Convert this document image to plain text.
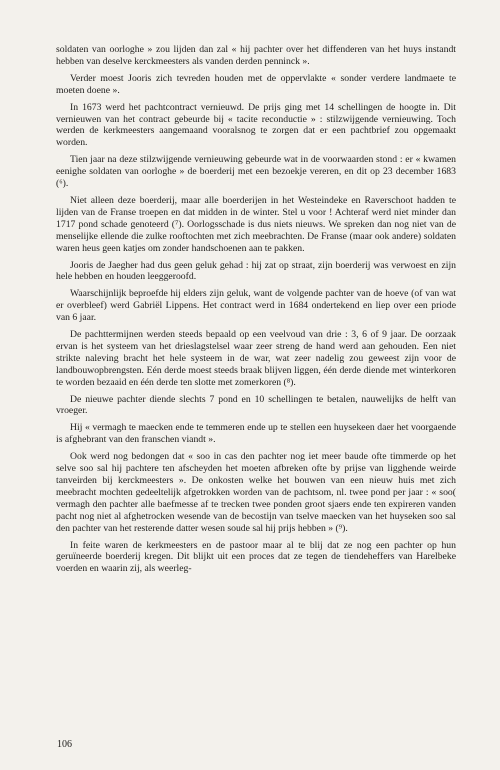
soldaten van oorloghe » zou lijden dan zal « hij pachter over het diffenderen van het huys instandt hebben van deselve kerckmeesters als vanden derden penninck ».

Verder moest Jooris zich tevreden houden met de oppervlakte « sonder verdere landmaete te moeten doene ».

In 1673 werd het pachtcontract vernieuwd. De prijs ging met 14 schellingen de hoogte in. Dit vernieuwen van het contract gebeurde bij « tacite reconductie » : stilzwijgende vernieuwing. Toch werden de kerkmeesters aangemaand vooralsnog te zorgen dat er een pachtbrief zou opgemaakt worden.

Tien jaar na deze stilzwijgende vernieuwing gebeurde wat in de voorwaarden stond : er « kwamen eenighe soldaten van oorloghe » de boerderij met een bezoekje vereren, en dit op 23 december 1683 (⁶).

Niet alleen deze boerderij, maar alle boerderijen in het Westeindeke en Raverschoot hadden te lijden van de Franse troepen en dat midden in de winter. Stel u voor ! Achteraf werd niet minder dan 1717 pond schade genoteerd (⁷). Oorlogsschade is dus niets nieuws. We spreken dan nog niet van de menselijke ellende die zulke rooftochten met zich meebrachten. De Franse (maar ook andere) soldaten waren heus geen katjes om zonder handschoenen aan te pakken.

Jooris de Jaegher had dus geen geluk gehad : hij zat op straat, zijn boerderij was verwoest en zijn hele hebben en houden leeggeroofd.

Waarschijnlijk beproefde hij elders zijn geluk, want de volgende pachter van de hoeve (of van wat er overbleef) werd Gabriël Lippens. Het contract werd in 1684 ondertekend en liep over een priode van 6 jaar.

De pachttermijnen werden steeds bepaald op een veelvoud van drie : 3, 6 of 9 jaar. De oorzaak ervan is het systeem van het drieslagstelsel waar zeer streng de hand werd aan gehouden. Een niet strikte naleving bracht het hele systeem in de war, wat zeer nadelig zou geweest zijn voor de landbouwopbrengsten. Eén derde moest steeds braak blijven liggen, één derde diende met winterkoren te worden bezaaid en één derde ten slotte met zomerkoren (⁸).

De nieuwe pachter diende slechts 7 pond en 10 schellingen te betalen, nauwelijks de helft van vroeger.

Hij « vermagh te maecken ende te temmeren ende up te stellen een huysekeen daer het voorgaende is afghebrant van den franschen viandt ».

Ook werd nog bedongen dat « soo in cas den pachter nog iet meer baude ofte timmerde op het selve soo sal hij pachtere ten afscheyden het moeten afbreken ofte by prijse van ligghende weirde tanveirden bij kerckmeesters ». De onkosten welke het bouwen van een nieuw huis met zich meebracht mochten gedeeltelijk afgetrokken worden van de pachtsom, nl. twee pond per jaar : « soo( vermagh den pachter alle baefmesse af te trecken twee ponden groot sjaers ende ten expireren vanden pacht nog niet al afghetrocken wesende van de becostijn van tselve maecken van het huyseken soo sal den pachter van het resterende datter wesen soude sal hij prijs hebben » (⁹).

In feite waren de kerkmeesters en de pastoor maar al te blij dat ze nog een pachter op hun geruïneerde boerderij kregen. Dit blijkt uit een proces dat ze tegen de tiendeheffers van Harelbeke voerden en waarin zij, als weerleg-

106
